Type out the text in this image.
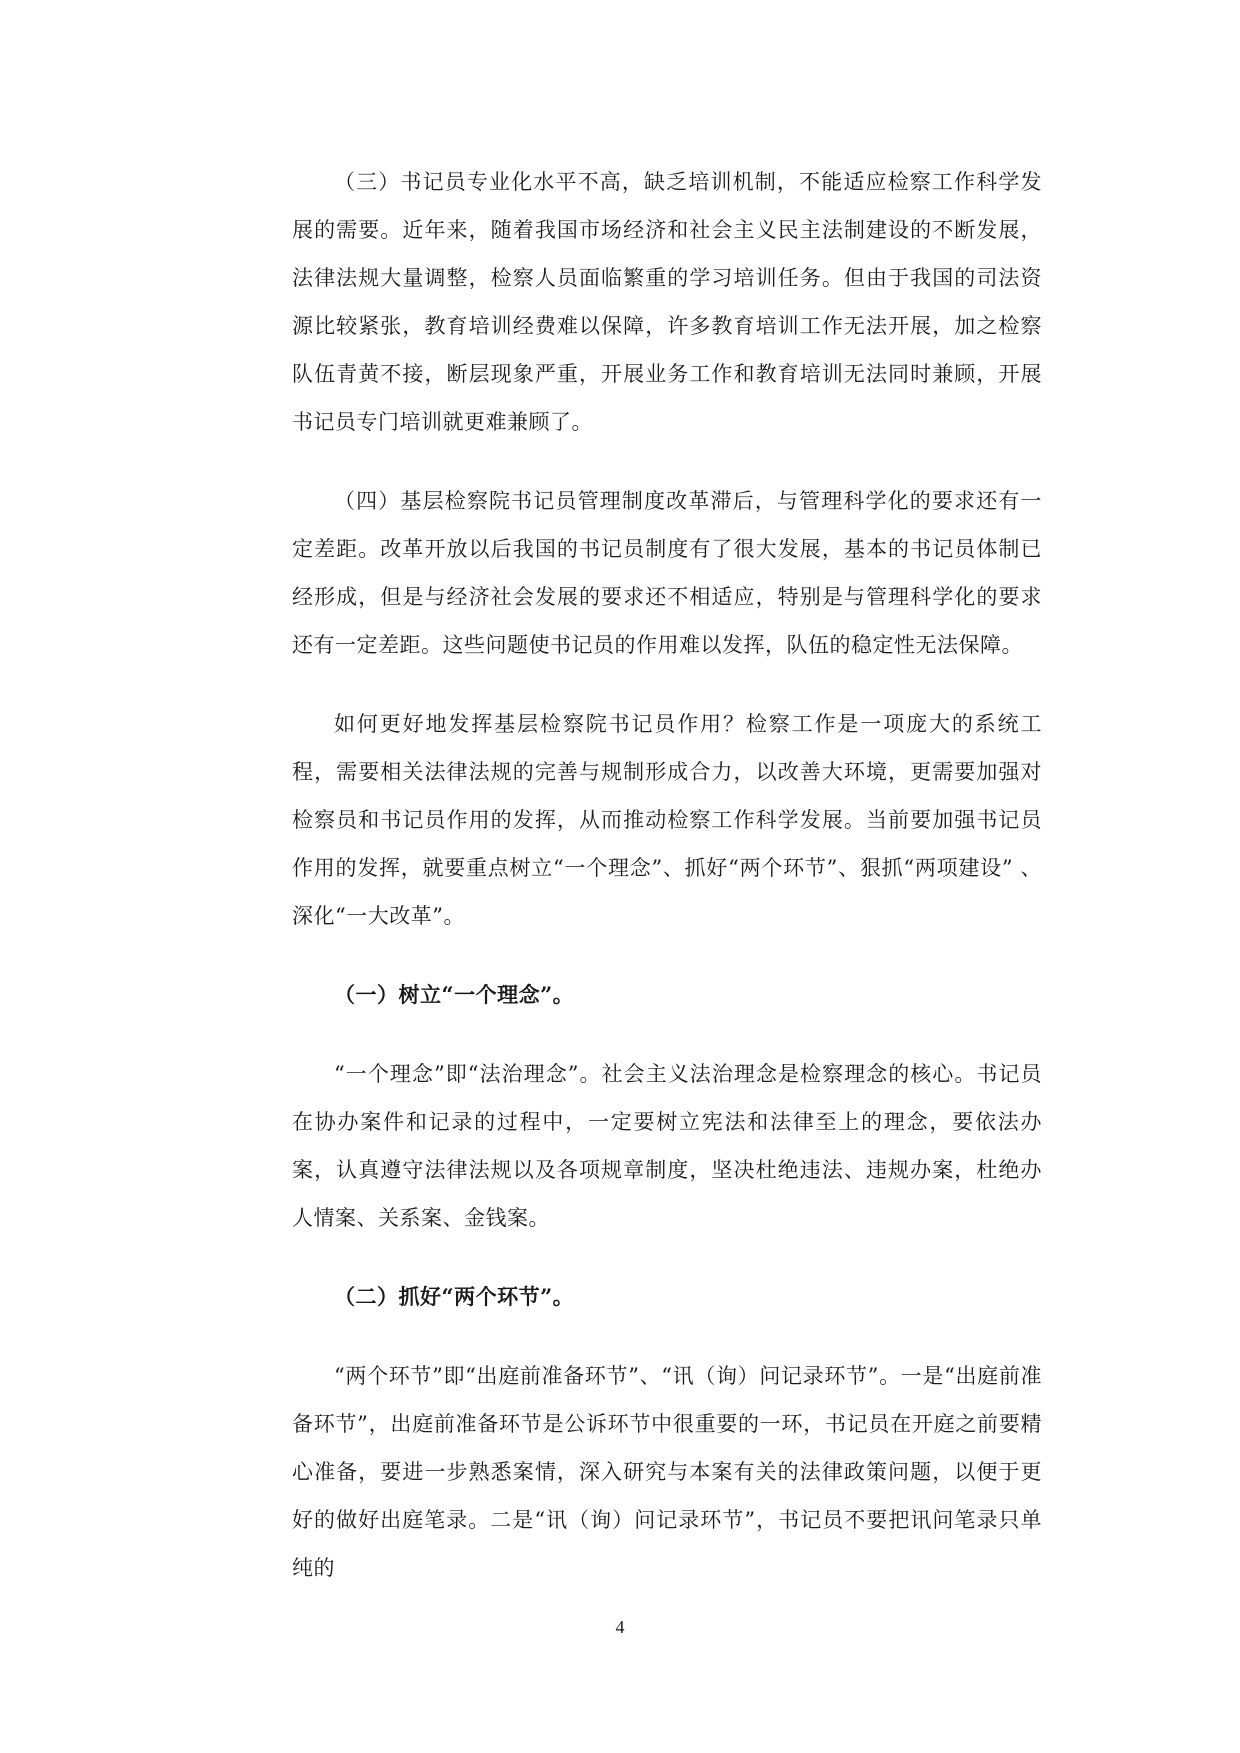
（三）书记员专业化水平不高，缺乏培训机制，不能适应检察工作科学发展的需要。近年来，随着我国市场经济和社会主义民主法制建设的不断发展，法律法规大量调整，检察人员面临繁重的学习培训任务。但由于我国的司法资源比较紧张，教育培训经费难以保障，许多教育培训工作无法开展，加之检察队伍青黄不接，断层现象严重，开展业务工作和教育培训无法同时兼顾，开展书记员专门培训就更难兼顾了。

（四）基层检察院书记员管理制度改革滞后，与管理科学化的要求还有一定差距。改革开放以后我国的书记员制度有了很大发展，基本的书记员体制已经形成，但是与经济社会发展的要求还不相适应，特别是与管理科学化的要求还有一定差距。这些问题使书记员的作用难以发挥，队伍的稳定性无法保障。

如何更好地发挥基层检察院书记员作用？检察工作是一项庞大的系统工程，需要相关法律法规的完善与规制形成合力，以改善大环境，更需要加强对检察员和书记员作用的发挥，从而推动检察工作科学发展。当前要加强书记员作用的发挥，就要重点树立“一个理念”、抓好“两个环节”、狠抓“两项建设” 、深化“一大改革”。

（一）树立“一个理念”。

“一个理念”即“法治理念”。社会主义法治理念是检察理念的核心。书记员在协办案件和记录的过程中，一定要树立宪法和法律至上的理念，要依法办案，认真遵守法律法规以及各项规章制度，坚决杜绝违法、违规办案，杜绝办人情案、关系案、金钱案。

（二）抓好“两个环节”。

“两个环节”即“出庭前准备环节”、“讯（询）问记录环节”。一是“出庭前准备环节”，出庭前准备环节是公诉环节中很重要的一环，书记员在开庭之前要精心准备，要进一步熟悉案情，深入研究与本案有关的法律政策问题，以便于更好的做好出庭笔录。二是“讯（询）问记录环节”，书记员不要把讯问笔录只单纯的

4
